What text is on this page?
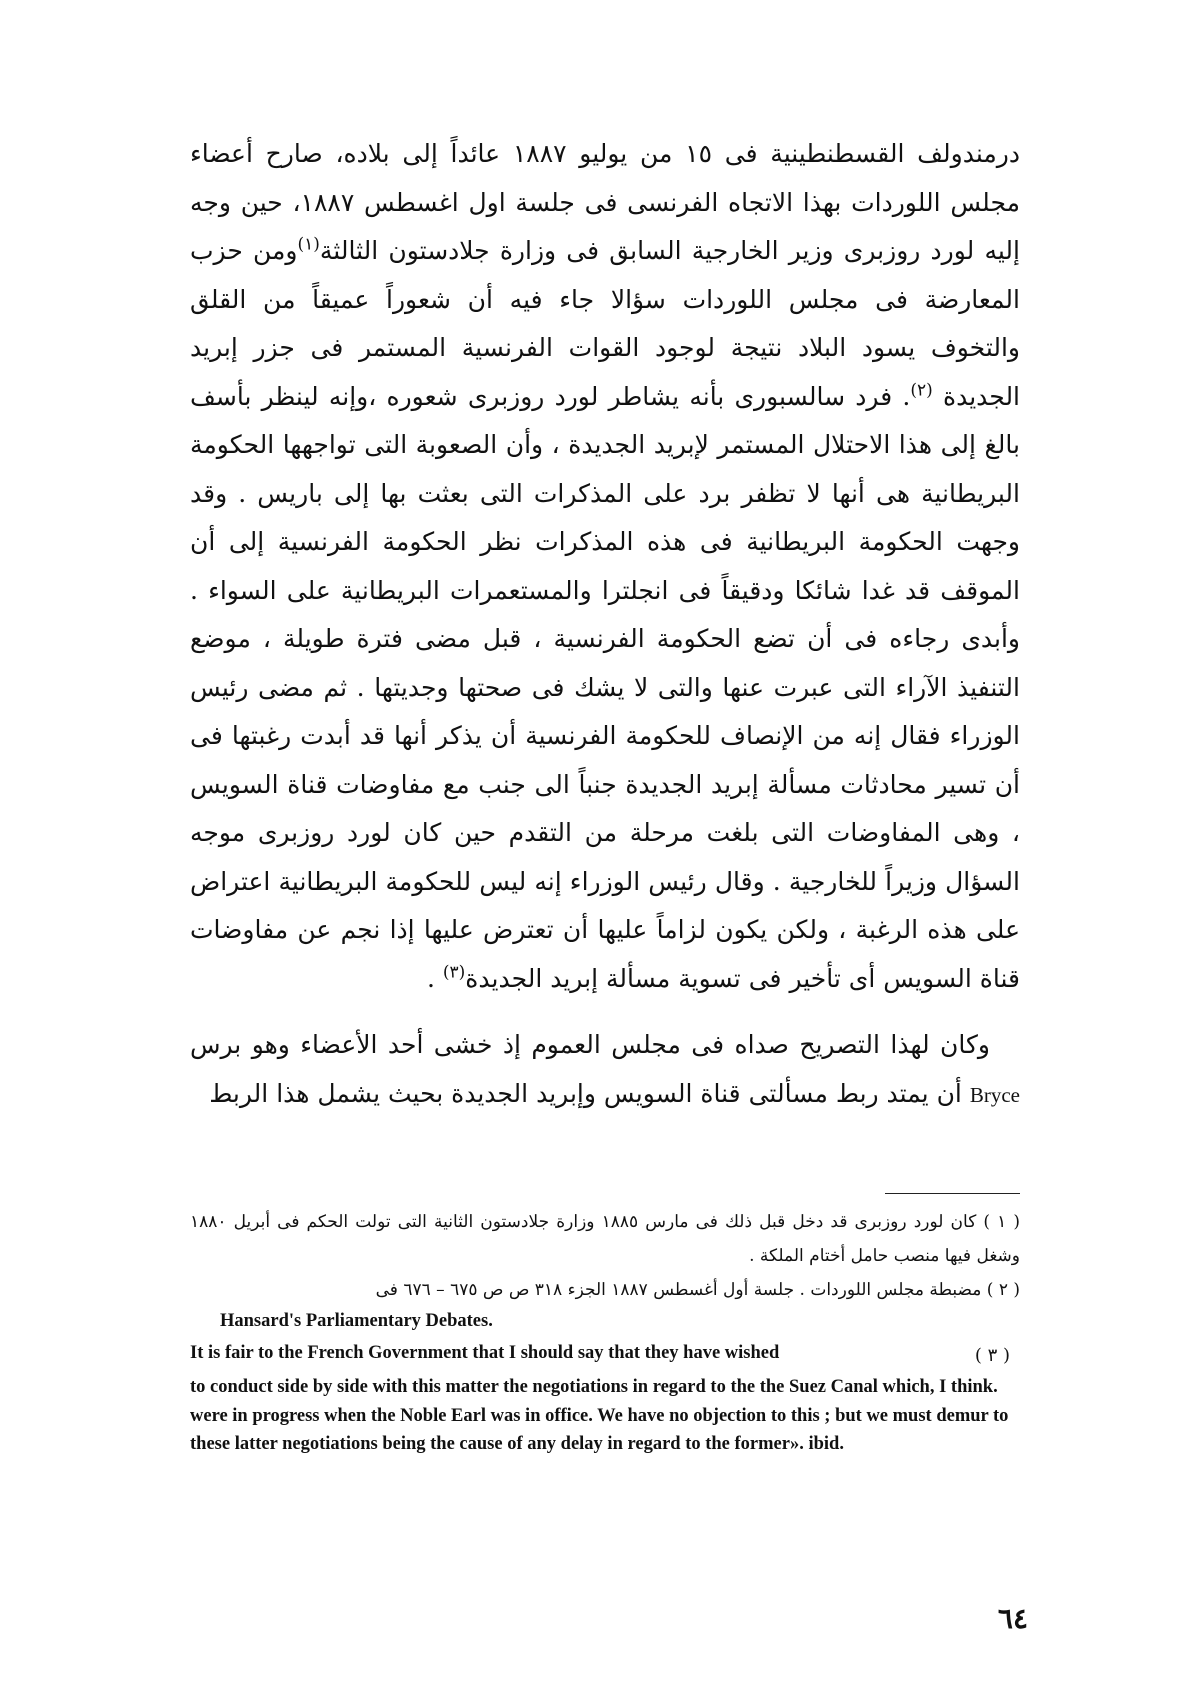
درمندولف القسطنطينية فى ١٥ من يوليو ١٨٨٧ عائداً إلى بلاده، صارح أعضاء مجلس اللوردات بهذا الاتجاه الفرنسى فى جلسة اول اغسطس ١٨٨٧، حين وجه إليه لورد روزبرى وزير الخارجية السابق فى وزارة جلادستون الثالثة$^{(١)}$ومن حزب المعارضة فى مجلس اللوردات سؤالا جاء فيه أن شعوراً عميقاً من القلق والتخوف يسود البلاد نتيجة لوجود القوات الفرنسية المستمر فى جزر إبريد الجديدة $^{(٢)}$. فرد سالسبورى بأنه يشاطر لورد روزبرى شعوره ،وإنه لينظر بأسف بالغ إلى هذا الاحتلال المستمر لإبريد الجديدة ، وأن الصعوبة التى تواجهها الحكومة البريطانية هى أنها لا تظفر برد على المذكرات التى بعثت بها إلى باريس . وقد وجهت الحكومة البريطانية فى هذه المذكرات نظر الحكومة الفرنسية إلى أن الموقف قد غدا شائكا ودقيقاً فى انجلترا والمستعمرات البريطانية على السواء . وأبدى رجاءه فى أن تضع الحكومة الفرنسية ، قبل مضى فترة طويلة ، موضع التنفيذ الآراء التى عبرت عنها والتى لا يشك فى صحتها وجديتها . ثم مضى رئيس الوزراء فقال إنه من الإنصاف للحكومة الفرنسية أن يذكر أنها قد أبدت رغبتها فى أن تسير محادثات مسألة إبريد الجديدة جنباً الى جنب مع مفاوضات قناة السويس ، وهى المفاوضات التى بلغت مرحلة من التقدم حين كان لورد روزبرى موجه السؤال وزيراً للخارجية . وقال رئيس الوزراء إنه ليس للحكومة البريطانية اعتراض على هذه الرغبة ، ولكن يكون لزاماً عليها أن تعترض عليها إذا نجم عن مفاوضات قناة السويس أى تأخير فى تسوية مسألة إبريد الجديدة$^{(٣)}$ .

وكان لهذا التصريح صداه فى مجلس العموم إذ خشى أحد الأعضاء وهو برس Bryce أن يمتد ربط مسألتى قناة السويس وإبريد الجديدة بحيث يشمل هذا الربط

( ١ ) كان لورد روزبرى قد دخل قبل ذلك فى مارس ١٨٨٥ وزارة جلادستون الثانية التى تولت الحكم فى أبريل ١٨٨٠ وشغل فيها منصب حامل أختام الملكة .

( ٢ ) مضبطة مجلس اللوردات . جلسة أول أغسطس ١٨٨٧ الجزء ٣١٨ ص ص ٦٧٥ – ٦٧٦ فى

Hansard's Parliamentary Debates.

It is fair to the French Government that I should say that they have wished	( ٣ )

to conduct side by side with this matter the negotiations in regard to the the Suez Canal which, I think. were in progress when the Noble Earl was in office. We have no objection to this ; but we must demur to these latter negotiations being the cause of any delay in regard to the former». ibid.

٦٤
